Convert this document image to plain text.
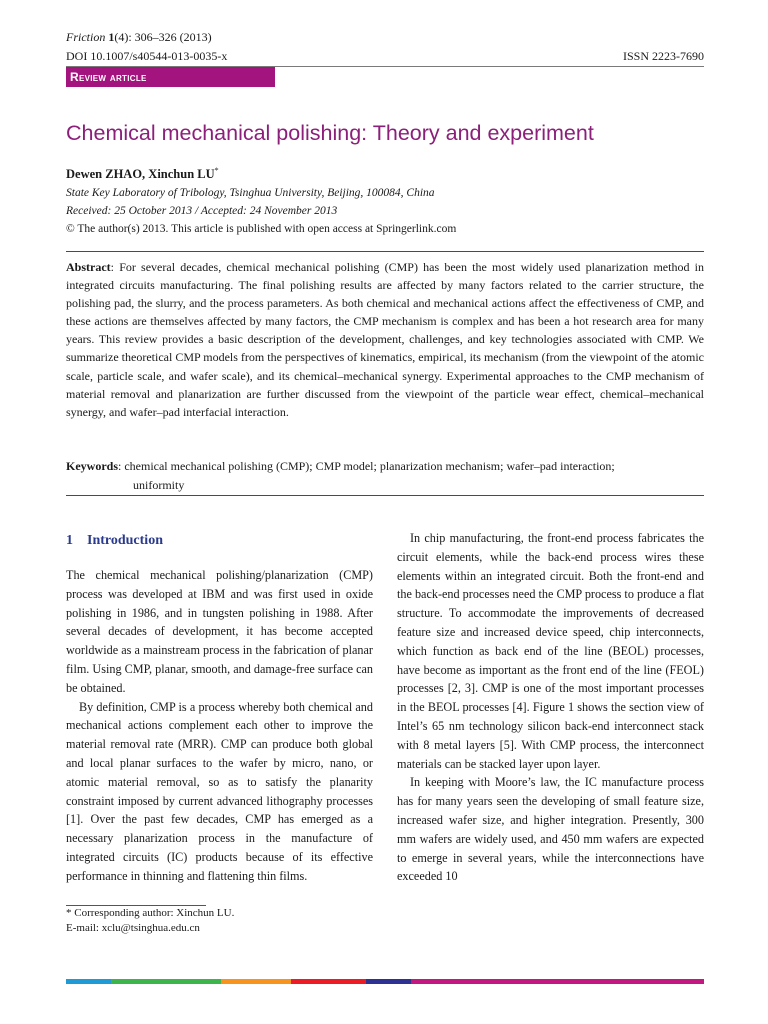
Friction 1(4): 306–326 (2013)
DOI 10.1007/s40544-013-0035-x	ISSN 2223-7690
Review article
Chemical mechanical polishing: Theory and experiment
Dewen ZHAO, Xinchun LU*
State Key Laboratory of Tribology, Tsinghua University, Beijing, 100084, China
Received: 25 October 2013 / Accepted: 24 November 2013
© The author(s) 2013. This article is published with open access at Springerlink.com
Abstract: For several decades, chemical mechanical polishing (CMP) has been the most widely used planarization method in integrated circuits manufacturing. The final polishing results are affected by many factors related to the carrier structure, the polishing pad, the slurry, and the process parameters. As both chemical and mechanical actions affect the effectiveness of CMP, and these actions are themselves affected by many factors, the CMP mechanism is complex and has been a hot research area for many years. This review provides a basic description of the development, challenges, and key technologies associated with CMP. We summarize theoretical CMP models from the perspectives of kinematics, empirical, its mechanism (from the viewpoint of the atomic scale, particle scale, and wafer scale), and its chemical–mechanical synergy. Experimental approaches to the CMP mechanism of material removal and planarization are further discussed from the viewpoint of the particle wear effect, chemical–mechanical synergy, and wafer–pad interfacial interaction.
Keywords: chemical mechanical polishing (CMP); CMP model; planarization mechanism; wafer–pad interaction;
uniformity
1 Introduction

The chemical mechanical polishing/planarization (CMP) process was developed at IBM and was first used in oxide polishing in 1986, and in tungsten polishing in 1988. After several decades of development, it has become accepted worldwide as a mainstream process in the fabrication of planar film. Using CMP, planar, smooth, and damage-free surface can be obtained.

By definition, CMP is a process whereby both chemical and mechanical actions complement each other to improve the material removal rate (MRR). CMP can produce both global and local planar surfaces to the wafer by micro, nano, or atomic material removal, so as to satisfy the planarity constraint imposed by current advanced lithography processes [1]. Over the past few decades, CMP has emerged as a necessary planarization process in the manufacture of integrated circuits (IC) products because of its effective performance in thinning and flattening thin films.

In chip manufacturing, the front-end process fabricates the circuit elements, while the back-end process wires these elements within an integrated circuit. Both the front-end and the back-end processes need the CMP process to produce a flat structure. To accommodate the improvements of decreased feature size and increased device speed, chip interconnects, which function as back end of the line (BEOL) processes, have become as important as the front end of the line (FEOL) processes [2, 3]. CMP is one of the most important processes in the BEOL processes [4]. Figure 1 shows the section view of Intel’s 65 nm technology silicon back-end interconnect stack with 8 metal layers [5]. With CMP process, the interconnect materials can be stacked layer upon layer.

In keeping with Moore’s law, the IC manufacture process has for many years seen the developing of small feature size, increased wafer size, and higher integration. Presently, 300 mm wafers are widely used, and 450 mm wafers are expected to emerge in several years, while the interconnections have exceeded 10

* Corresponding author: Xinchun LU.
E-mail: xclu@tsinghua.edu.cn
